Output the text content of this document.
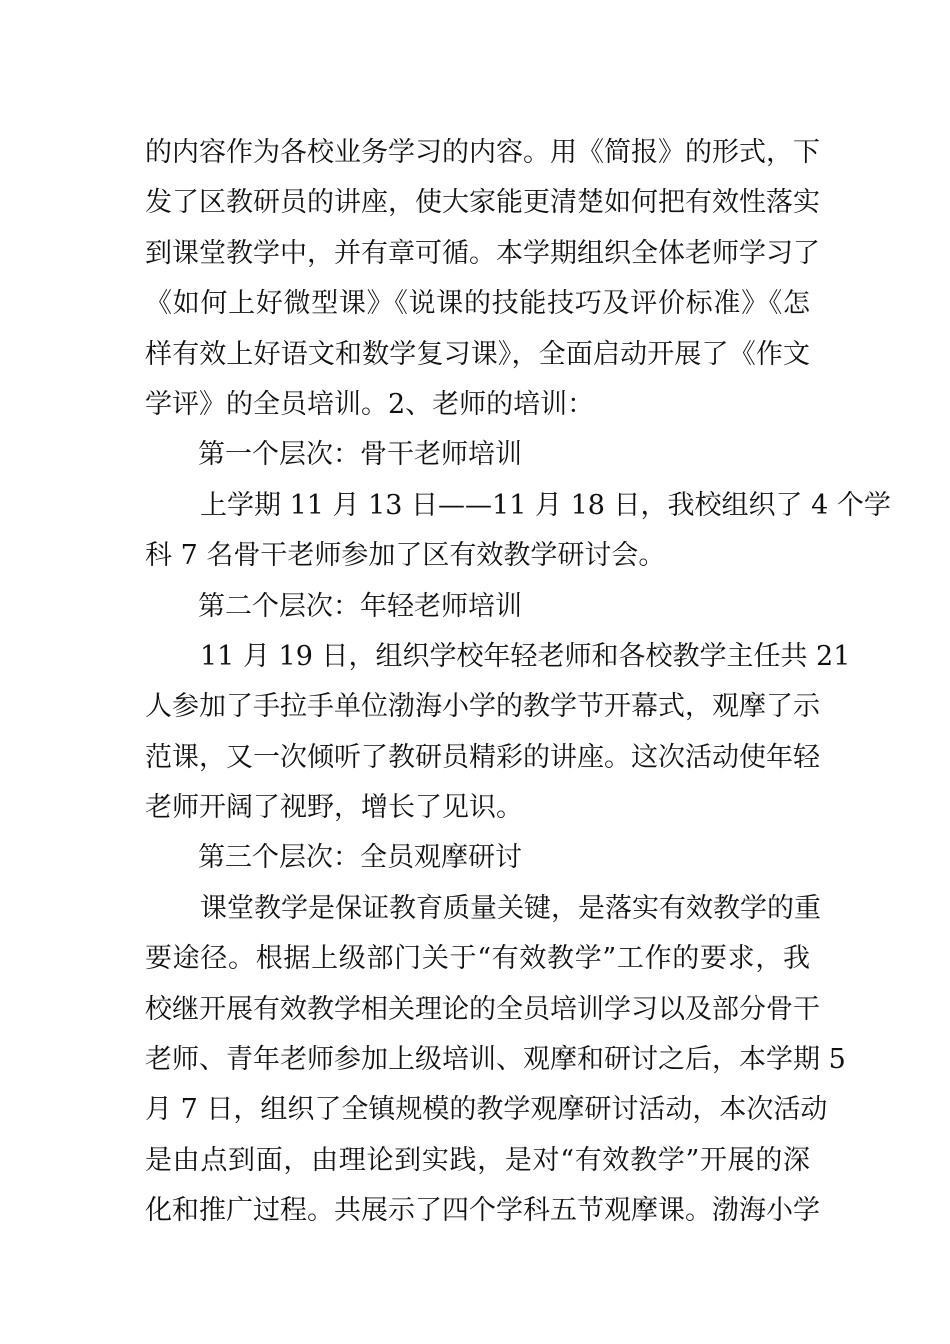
的内容作为各校业务学习的内容。用《简报》的形式，下
发了区教研员的讲座，使大家能更清楚如何把有效性落实
到课堂教学中，并有章可循。本学期组织全体老师学习了
《如何上好微型课》《说课的技能技巧及评价标准》《怎
样有效上好语文和数学复习课》，全面启动开展了《作文
学评》的全员培训。2、老师的培训：
第一个层次：骨干老师培训
上学期 11 月 13 日——11 月 18 日，我校组织了 4 个学
科 7 名骨干老师参加了区有效教学研讨会。
第二个层次：年轻老师培训
11 月 19 日，组织学校年轻老师和各校教学主任共 21
人参加了手拉手单位渤海小学的教学节开幕式，观摩了示
范课，又一次倾听了教研员精彩的讲座。这次活动使年轻
老师开阔了视野，增长了见识。
第三个层次：全员观摩研讨
课堂教学是保证教育质量关键，是落实有效教学的重
要途径。根据上级部门关于“有效教学”工作的要求，我
校继开展有效教学相关理论的全员培训学习以及部分骨干
老师、青年老师参加上级培训、观摩和研讨之后，本学期 5
月 7 日，组织了全镇规模的教学观摩研讨活动，本次活动
是由点到面，由理论到实践，是对“有效教学”开展的深
化和推广过程。共展示了四个学科五节观摩课。渤海小学
